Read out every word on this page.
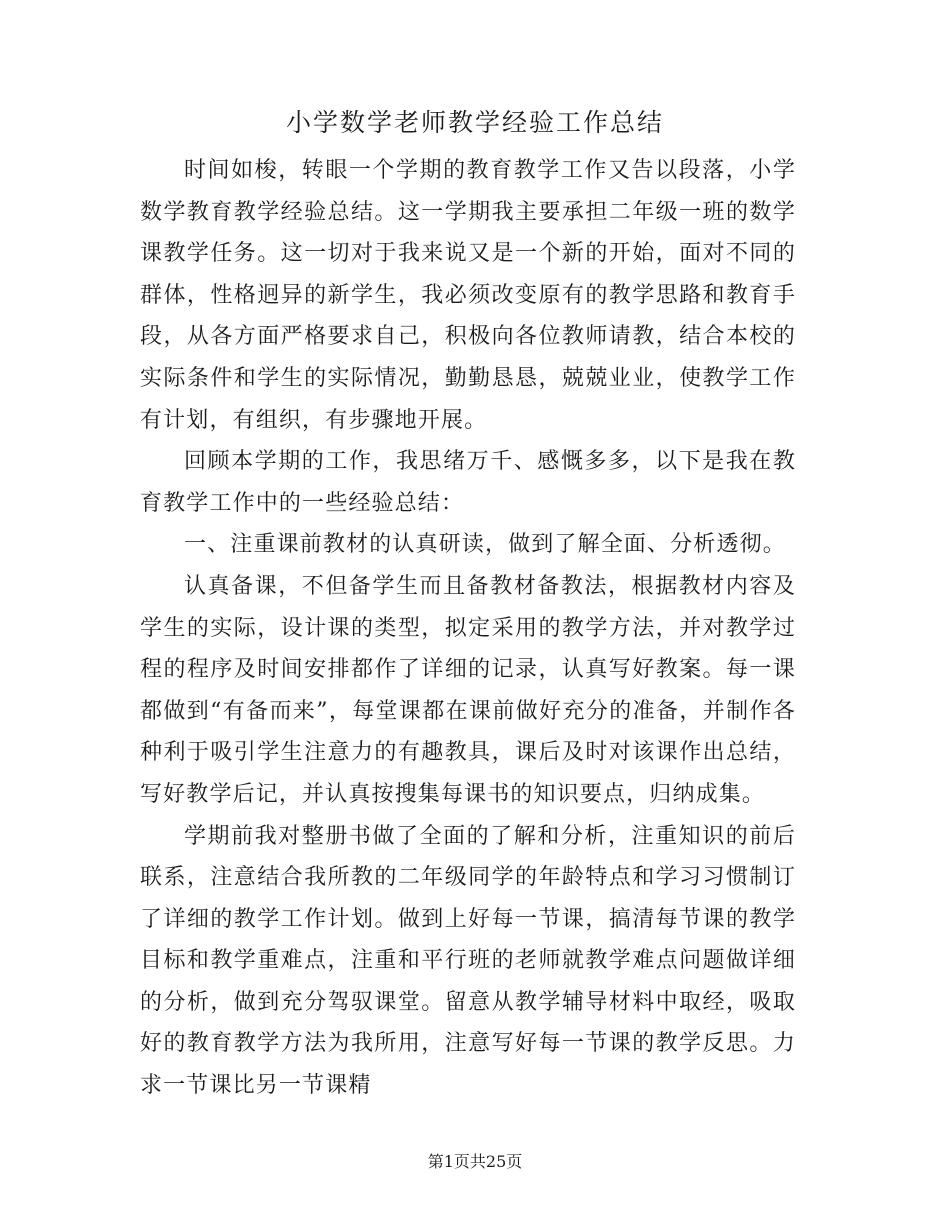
小学数学老师教学经验工作总结

时间如梭，转眼一个学期的教育教学工作又告以段落，小学数学教育教学经验总结。这一学期我主要承担二年级一班的数学课教学任务。这一切对于我来说又是一个新的开始，面对不同的群体，性格迥异的新学生，我必须改变原有的教学思路和教育手段，从各方面严格要求自己，积极向各位教师请教，结合本校的实际条件和学生的实际情况，勤勤恳恳，兢兢业业，使教学工作有计划，有组织，有步骤地开展。

回顾本学期的工作，我思绪万千、感慨多多，以下是我在教育教学工作中的一些经验总结：

一、注重课前教材的认真研读，做到了解全面、分析透彻。

认真备课，不但备学生而且备教材备教法，根据教材内容及学生的实际，设计课的类型，拟定采用的教学方法，并对教学过程的程序及时间安排都作了详细的记录，认真写好教案。每一课都做到“有备而来”，每堂课都在课前做好充分的准备，并制作各种利于吸引学生注意力的有趣教具，课后及时对该课作出总结，写好教学后记，并认真按搜集每课书的知识要点，归纳成集。

学期前我对整册书做了全面的了解和分析，注重知识的前后联系，注意结合我所教的二年级同学的年龄特点和学习习惯制订了详细的教学工作计划。做到上好每一节课，搞清每节课的教学目标和教学重难点，注重和平行班的老师就教学难点问题做详细的分析，做到充分驾驭课堂。留意从教学辅导材料中取经，吸取好的教育教学方法为我所用，注意写好每一节课的教学反思。力求一节课比另一节课精

第1页共25页
